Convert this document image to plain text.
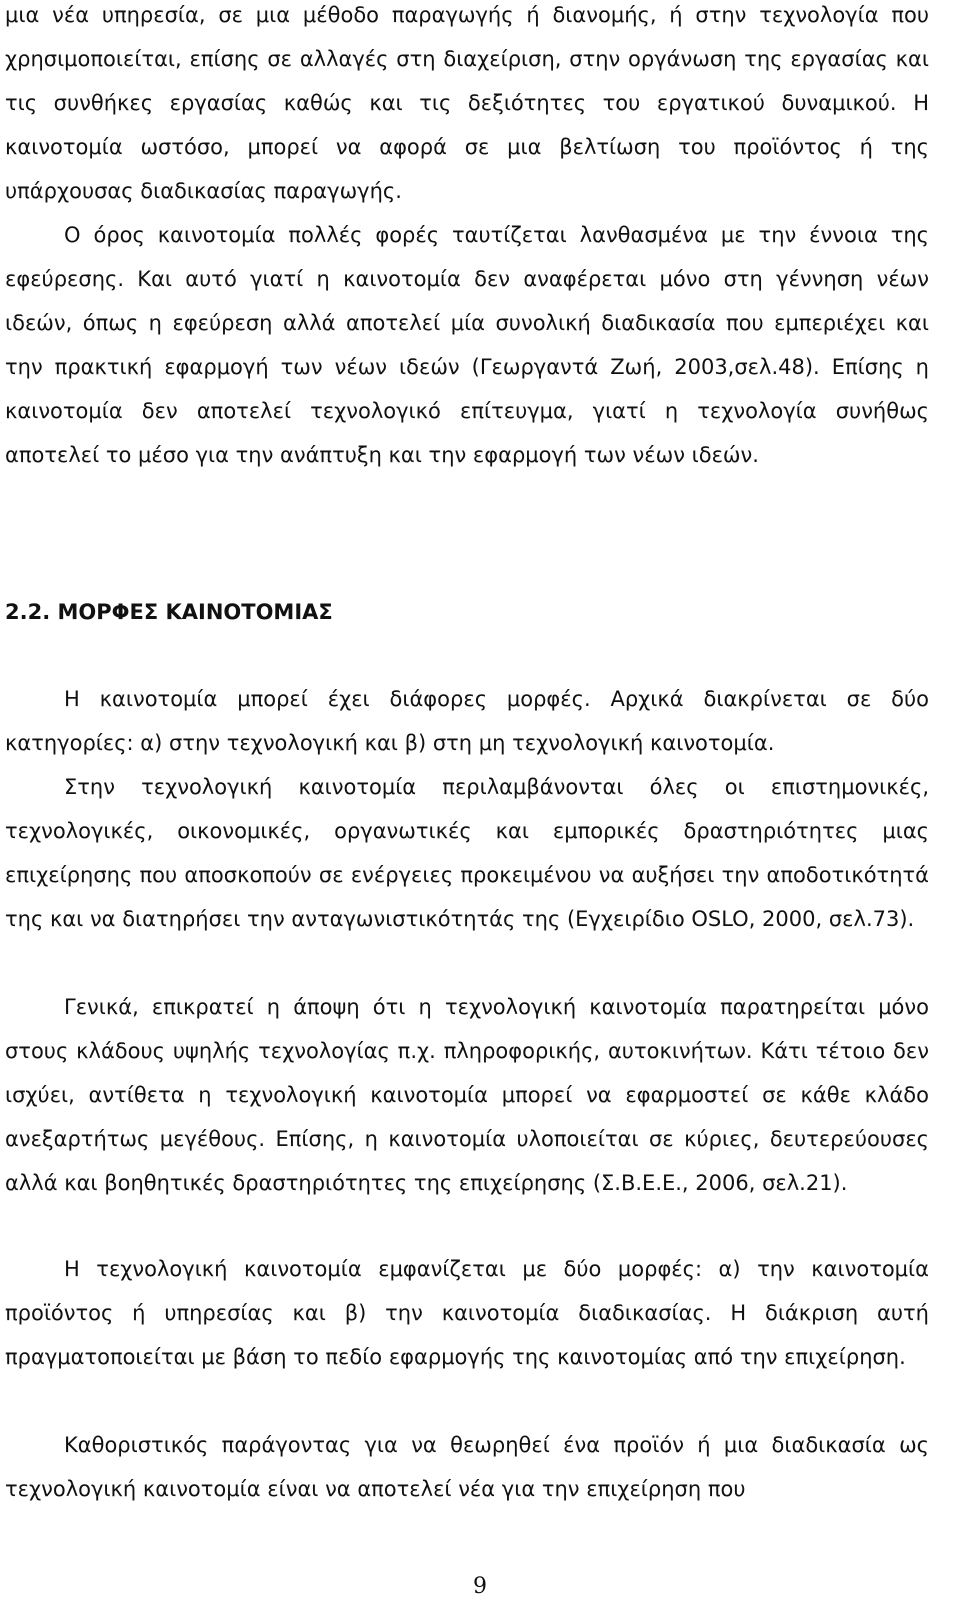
μια νέα υπηρεσία, σε μια μέθοδο παραγωγής ή διανομής, ή στην τεχνολογία που χρησιμοποιείται, επίσης σε αλλαγές στη διαχείριση, στην οργάνωση της εργασίας και τις συνθήκες εργασίας καθώς και τις δεξιότητες του εργατικού δυναμικού. Η καινοτομία ωστόσο, μπορεί να αφορά σε μια βελτίωση του προϊόντος ή της υπάρχουσας διαδικασίας παραγωγής.

Ο όρος καινοτομία πολλές φορές ταυτίζεται λανθασμένα με την έννοια της εφεύρεσης. Και αυτό γιατί η καινοτομία δεν αναφέρεται μόνο στη γέννηση νέων ιδεών, όπως η εφεύρεση αλλά αποτελεί μία συνολική διαδικασία που εμπεριέχει και την πρακτική εφαρμογή των νέων ιδεών (Γεωργαντά Ζωή, 2003,σελ.48). Επίσης η καινοτομία δεν αποτελεί τεχνολογικό επίτευγμα, γιατί η τεχνολογία συνήθως αποτελεί το μέσο για την ανάπτυξη και την εφαρμογή των νέων ιδεών.

2.2. ΜΟΡΦΕΣ ΚΑΙΝΟΤΟΜΙΑΣ

Η καινοτομία μπορεί έχει διάφορες μορφές. Αρχικά διακρίνεται σε δύο κατηγορίες: α) στην τεχνολογική και β) στη μη τεχνολογική καινοτομία.

Στην τεχνολογική καινοτομία περιλαμβάνονται όλες οι επιστημονικές, τεχνολογικές, οικονομικές, οργανωτικές και εμπορικές δραστηριότητες μιας επιχείρησης που αποσκοπούν σε ενέργειες προκειμένου να αυξήσει την αποδοτικότητά της και να διατηρήσει την ανταγωνιστικότητάς της (Εγχειρίδιο OSLO, 2000, σελ.73).

Γενικά, επικρατεί η άποψη ότι η τεχνολογική καινοτομία παρατηρείται μόνο στους κλάδους υψηλής τεχνολογίας π.χ. πληροφορικής, αυτοκινήτων. Κάτι τέτοιο δεν ισχύει, αντίθετα η τεχνολογική καινοτομία μπορεί να εφαρμοστεί σε κάθε κλάδο ανεξαρτήτως μεγέθους. Επίσης, η καινοτομία υλοποιείται σε κύριες, δευτερεύουσες αλλά και βοηθητικές δραστηριότητες της επιχείρησης (Σ.Β.Ε.Ε., 2006, σελ.21).

Η τεχνολογική καινοτομία εμφανίζεται με δύο μορφές: α) την καινοτομία προϊόντος ή υπηρεσίας και β) την καινοτομία διαδικασίας. Η διάκριση αυτή πραγματοποιείται με βάση το πεδίο εφαρμογής της καινοτομίας από την επιχείρηση.

Καθοριστικός παράγοντας για να θεωρηθεί ένα προϊόν ή μια διαδικασία ως τεχνολογική καινοτομία είναι να αποτελεί νέα για την επιχείρηση που

9
